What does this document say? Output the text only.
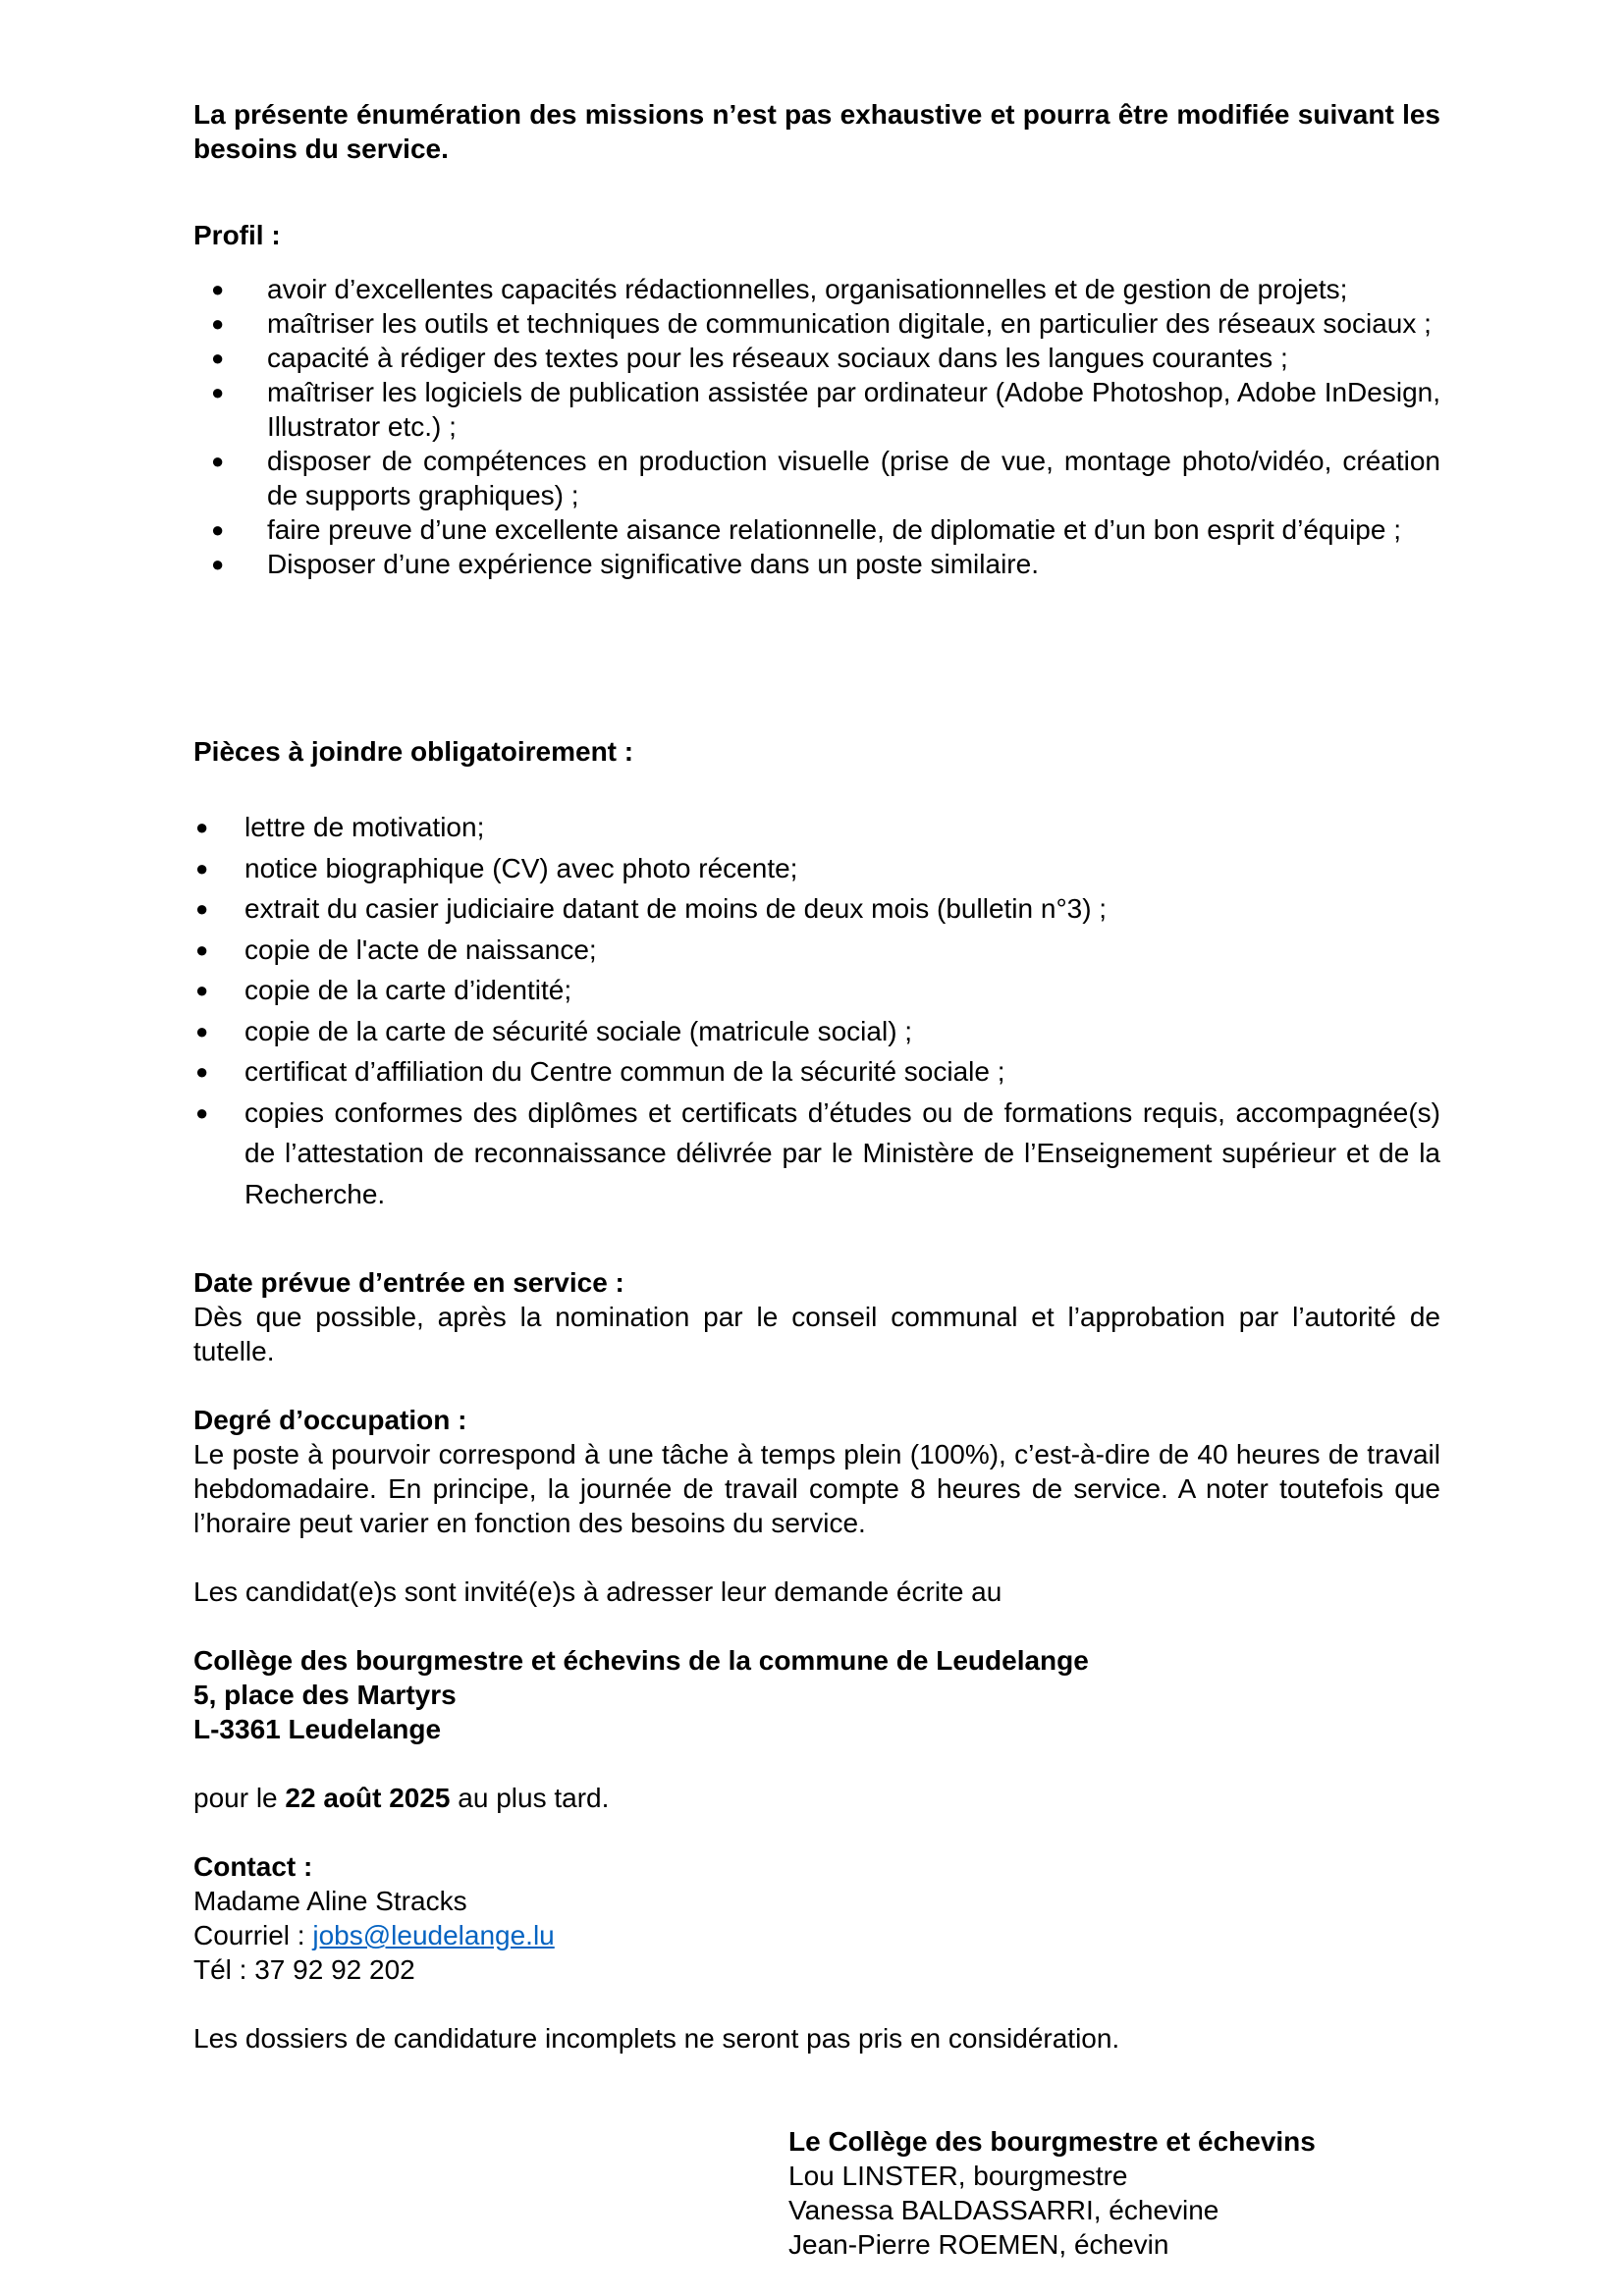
La présente énumération des missions n’est pas exhaustive et pourra être modifiée suivant les besoins du service.

Profil :

● avoir d’excellentes capacités rédactionnelles, organisationnelles et de gestion de projets;
● maîtriser les outils et techniques de communication digitale, en particulier des réseaux sociaux ;
● capacité à rédiger des textes pour les réseaux sociaux dans les langues courantes ;
● maîtriser les logiciels de publication assistée par ordinateur (Adobe Photoshop, Adobe InDesign, Illustrator etc.) ;
● disposer de compétences en production visuelle (prise de vue, montage photo/vidéo, création de supports graphiques) ;
● faire preuve d’une excellente aisance relationnelle, de diplomatie et d’un bon esprit d’équipe ;
● Disposer d’une expérience significative dans un poste similaire.

Pièces à joindre obligatoirement :

● lettre de motivation;
● notice biographique (CV) avec photo récente;
● extrait du casier judiciaire datant de moins de deux mois (bulletin n°3) ;
● copie de l'acte de naissance;
● copie de la carte d’identité;
● copie de la carte de sécurité sociale (matricule social) ;
● certificat d’affiliation du Centre commun de la sécurité sociale ;
● copies conformes des diplômes et certificats d’études ou de formations requis, accompagnée(s) de l’attestation de reconnaissance délivrée par le Ministère de l’Enseignement supérieur et de la Recherche.

Date prévue d’entrée en service :

Dès que possible, après la nomination par le conseil communal et l’approbation par l’autorité de tutelle.

Degré d’occupation :

Le poste à pourvoir correspond à une tâche à temps plein (100%), c’est-à-dire de 40 heures de travail hebdomadaire. En principe, la journée de travail compte 8 heures de service. A noter toutefois que l’horaire peut varier en fonction des besoins du service.

Les candidat(e)s sont invité(e)s à adresser leur demande écrite au

Collège des bourgmestre et échevins de la commune de Leudelange

5, place des Martyrs

L-3361 Leudelange

pour le 22 août 2025 au plus tard.

Contact :

Madame Aline Stracks

Courriel : jobs@leudelange.lu

Tél : 37 92 92 202

Les dossiers de candidature incomplets ne seront pas pris en considération.

Le Collège des bourgmestre et échevins

Lou LINSTER, bourgmestre

Vanessa BALDASSARRI, échevine

Jean-Pierre ROEMEN, échevin
